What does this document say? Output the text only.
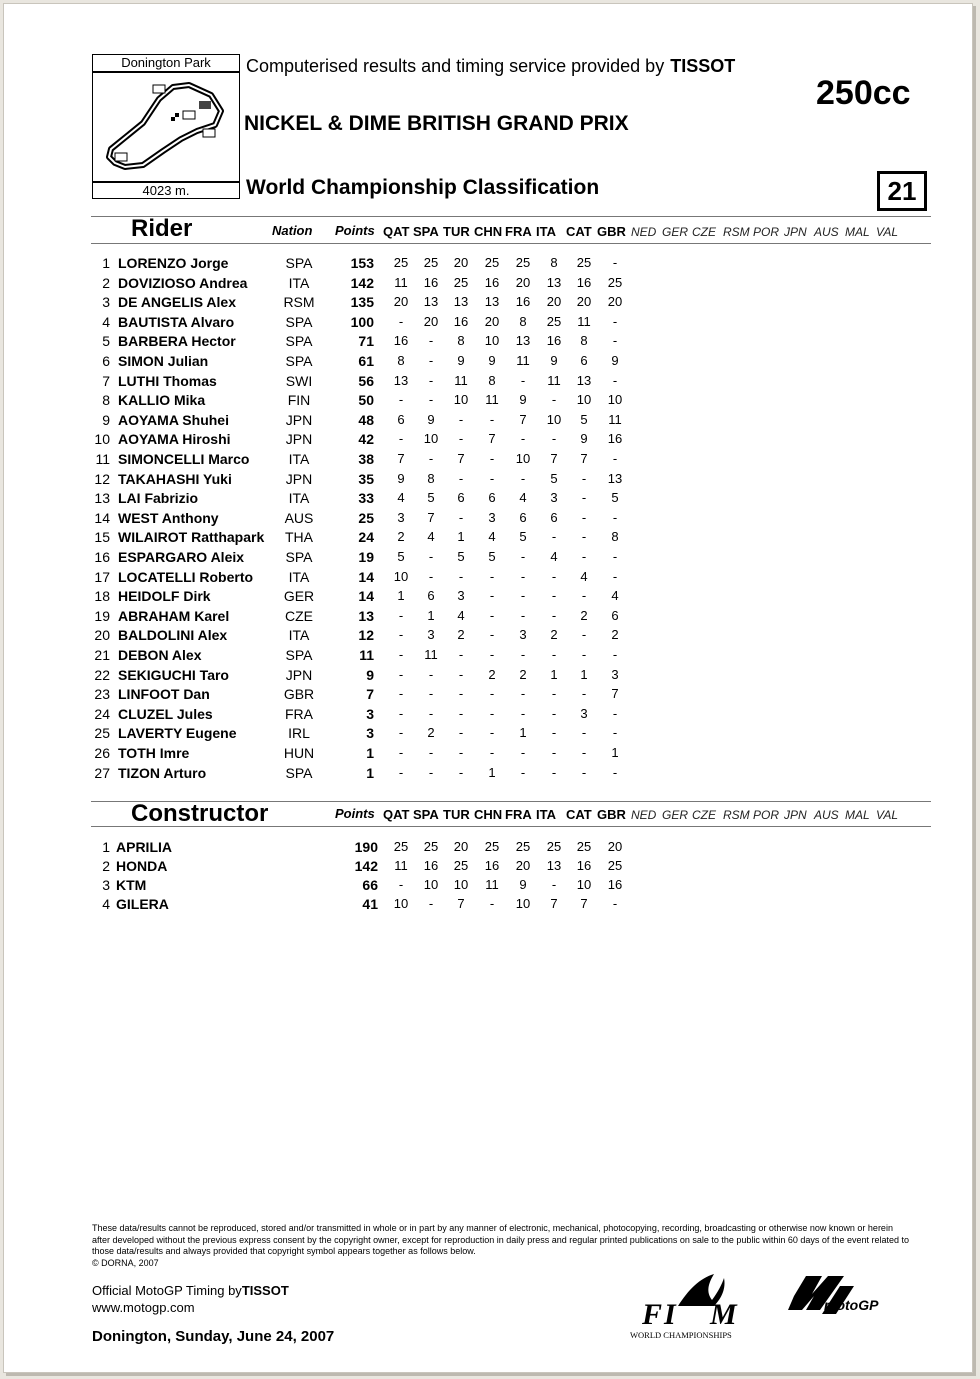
Donington Park
4023 m.
Computerised results and timing service provided by TISSOT
NICKEL & DIME BRITISH GRAND PRIX
World Championship Classification
250cc
21
Rider	Nation Points QAT SPA TUR CHN FRA ITA CAT GBR NED GER CZE RSM POR JPN AUS MAL VAL
1 LORENZO Jorge	SPA	153	25	25	20	25	25	8	25	-
2 DOVIZIOSO Andrea	ITA	142	11	16	25	16	20	13	16	25
3 DE ANGELIS Alex	RSM	135	20	13	13	13	16	20	20	20
4 BAUTISTA Alvaro	SPA	100	-	20	16	20	8	25	11	-
5 BARBERA Hector	SPA	71	16	-	8	10	13	16	8	-
6 SIMON Julian	SPA	61	8	-	9	9	11	9	6	9
7 LUTHI Thomas	SWI	56	13	-	11	8	-	11	13	-
8 KALLIO Mika	FIN	50	-	-	10	11	9	-	10	10
9 AOYAMA Shuhei	JPN	48	6	9	-	-	7	10	5	11
10 AOYAMA Hiroshi	JPN	42	-	10	-	7	-	-	9	16
11 SIMONCELLI Marco	ITA	38	7	-	7	-	10	7	7	-
12 TAKAHASHI Yuki	JPN	35	9	8	-	-	-	5	-	13
13 LAI Fabrizio	ITA	33	4	5	6	6	4	3	-	5
14 WEST Anthony	AUS	25	3	7	-	3	6	6	-	-
15 WILAIROT Ratthapark	THA	24	2	4	1	4	5	-	-	8
16 ESPARGARO Aleix	SPA	19	5	-	5	5	-	4	-	-
17 LOCATELLI Roberto	ITA	14	10	-	-	-	-	-	4	-
18 HEIDOLF Dirk	GER	14	1	6	3	-	-	-	-	4
19 ABRAHAM Karel	CZE	13	-	1	4	-	-	-	2	6
20 BALDOLINI Alex	ITA	12	-	3	2	-	3	2	-	2
21 DEBON Alex	SPA	11	-	11	-	-	-	-	-	-
22 SEKIGUCHI Taro	JPN	9	-	-	-	2	2	1	1	3
23 LINFOOT Dan	GBR	7	-	-	-	-	-	-	-	7
24 CLUZEL Jules	FRA	3	-	-	-	-	-	-	3	-
25 LAVERTY Eugene	IRL	3	-	2	-	-	1	-	-	-
26 TOTH Imre	HUN	1	-	-	-	-	-	-	-	1
27 TIZON Arturo	SPA	1	-	-	-	1	-	-	-	-
Constructor	Points QAT SPA TUR CHN FRA ITA CAT GBR NED GER CZE RSM POR JPN AUS MAL VAL
1 APRILIA	190	25	25	20	25	25	25	25	20
2 HONDA	142	11	16	25	16	20	13	16	25
3 KTM	66	-	10	10	11	9	-	10	16
4 GILERA	41	10	-	7	-	10	7	7	-
These data/results cannot be reproduced, stored and/or transmitted in whole or in part by any manner of electronic, mechanical, photocopying, recording, broadcasting or otherwise now known or herein after developed without the previous express consent by the copyright owner, except for reproduction in daily press and regular printed publications on sale to the public within 60 days of the event related to those data/results and always provided that copyright symbol appears together as follows below.
© DORNA, 2007
Official MotoGP Timing byTISSOT
www.motogp.com
Donington, Sunday, June 24, 2007
F I M
WORLD CHAMPIONSHIPS
motoGP
